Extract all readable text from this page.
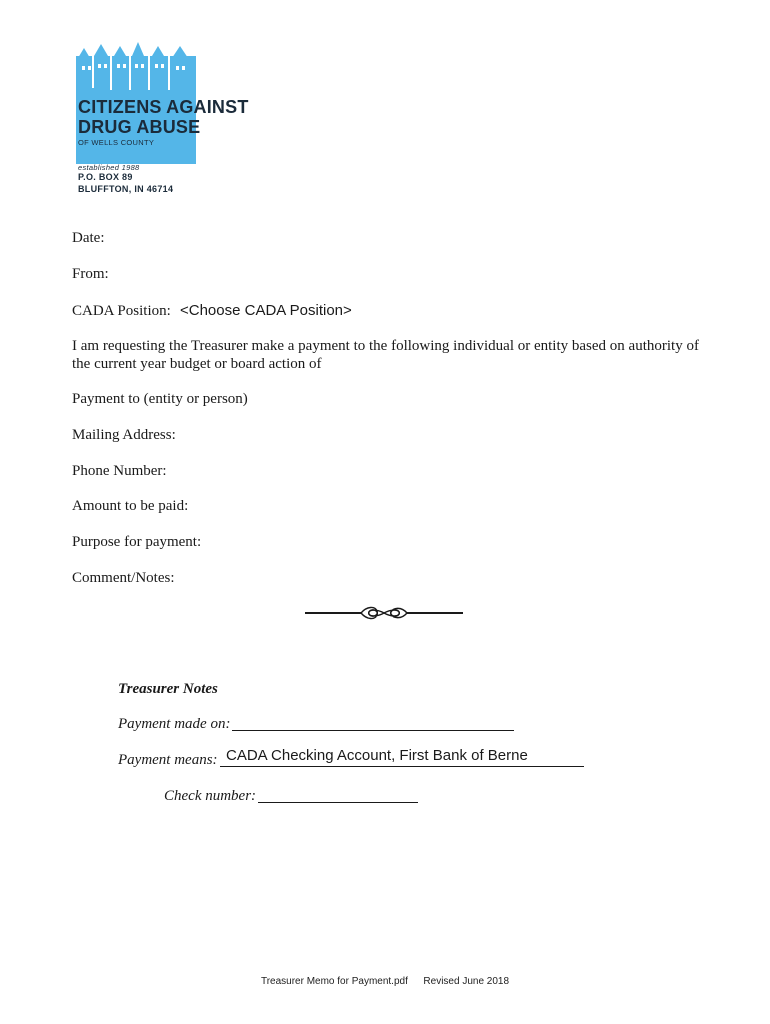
CITIZENS AGAINST
DRUG ABUSE
OF WELLS COUNTY
established 1988
P.O. BOX 89
BLUFFTON, IN 46714
Date:
From:
CADA Position: <Choose CADA Position>
I am requesting the Treasurer make a payment to the following individual or entity based on authority of the current year budget or board action of
Payment to (entity or person)
Mailing Address:
Phone Number:
Amount to be paid:
Purpose for payment:
Comment/Notes:
Treasurer Notes
Payment made on:
Payment means: CADA Checking Account, First Bank of Berne
Check number:
Treasurer Memo for Payment.pdf Revised June 2018
